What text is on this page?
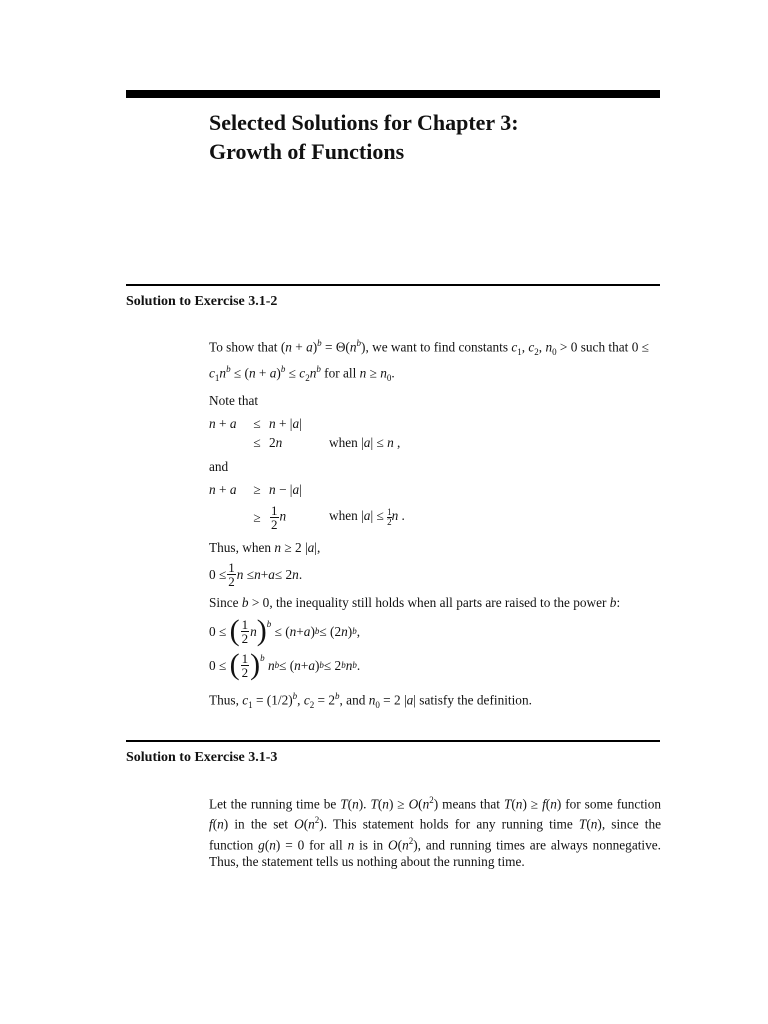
Selected Solutions for Chapter 3:
Growth of Functions
Solution to Exercise 3.1-2

To show that $(n + a)^b = \Theta(n^b)$, we want to find constants $c_1$, $c_2$, $n_0 > 0$ such that $0 \le c_1n^b \le (n + a)^b \le c_2n^b$ for all $n \ge n_0$.

Note that

n + a	≤ n + |a|
≤ 2n	when |a| ≤ n ,

and

n + a	≥ n − |a|
≥ $\frac{1}{2}$ n	when $|a| \le \frac{1}{2}$ n .

Thus, when n ≥ 2 |a|,

$0 \le \frac{1}{2}$ n ≤ n + a ≤ 2 n .

Since b > 0, the inequality still holds when all parts are raised to the power b:

0 ≤ ( $\frac{1}{2}$ n ) $^b$ ≤ ( n + a ) b ≤ (2 n ) b ,
0 ≤ ( $\frac{1}{2}$ ) $^b$
n b ≤ ( n + a ) b ≤ 2 b n b .

Thus, $c_1 = (1/2)^b$, $c_2 = 2^b$, and $n_0 = 2$ |a| satisfy the definition.

Solution to Exercise 3.1-3

Let the running time be T(n). $T(n) \ge O(n^2)$ means that T(n) ≥ f(n) for some function f(n) in the set $O(n^2)$. This statement holds for any running time T(n), since the function g(n) = 0 for all n is in $O(n^2)$, and running times are always nonnegative. Thus, the statement tells us nothing about the running time.
